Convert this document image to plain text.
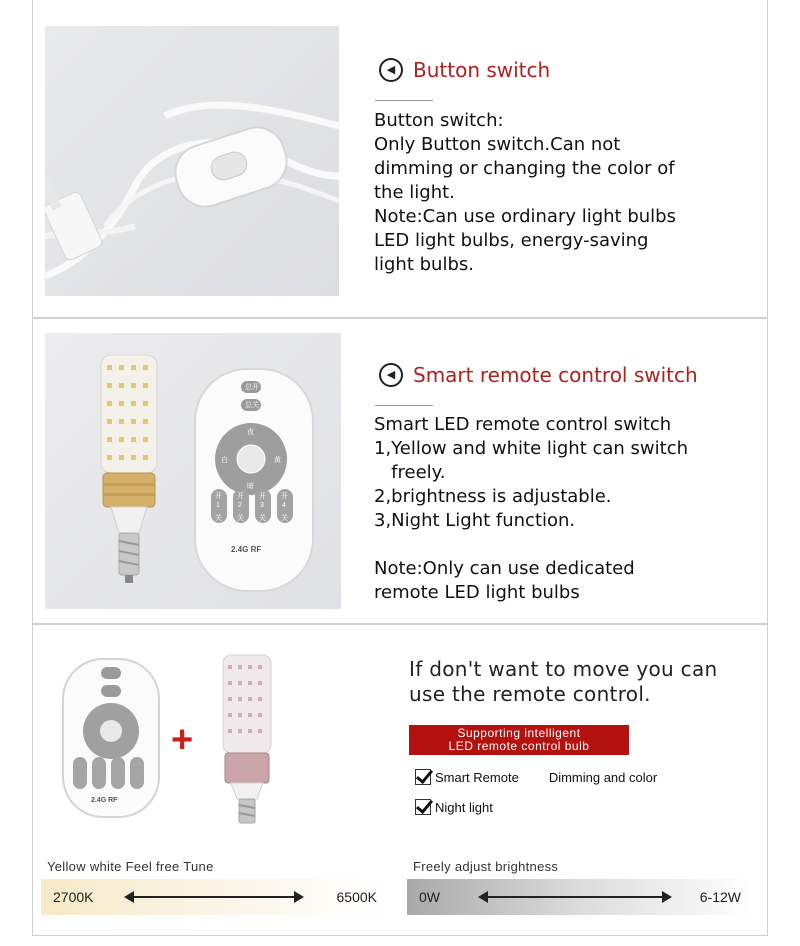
◀ Button switch
Button switch:
Only Button switch.Can not
dimming or changing the color of
the light.
Note:Can use ordinary light bulbs
LED light bulbs, energy-saving
light bulbs.
总开
总关
夜
白	黄
暗
开
1
关
开
2
关
开
3
关
开
4
关
2.4G RF
◀ Smart remote control switch
Smart LED remote control switch
1,Yellow and white light can switch
freely.
2,brightness is adjustable.
3,Night Light function.
Note:Only can use dedicated
remote LED light bulbs
2.4G RF
+
If don't want to move you can
use the remote control.
Supporting intelligent
LED remote control bulb
Smart Remote Dimming and color
Night light
Yellow white Feel free Tune
2700K	6500K
Freely adjust brightness
0W	6-12W
